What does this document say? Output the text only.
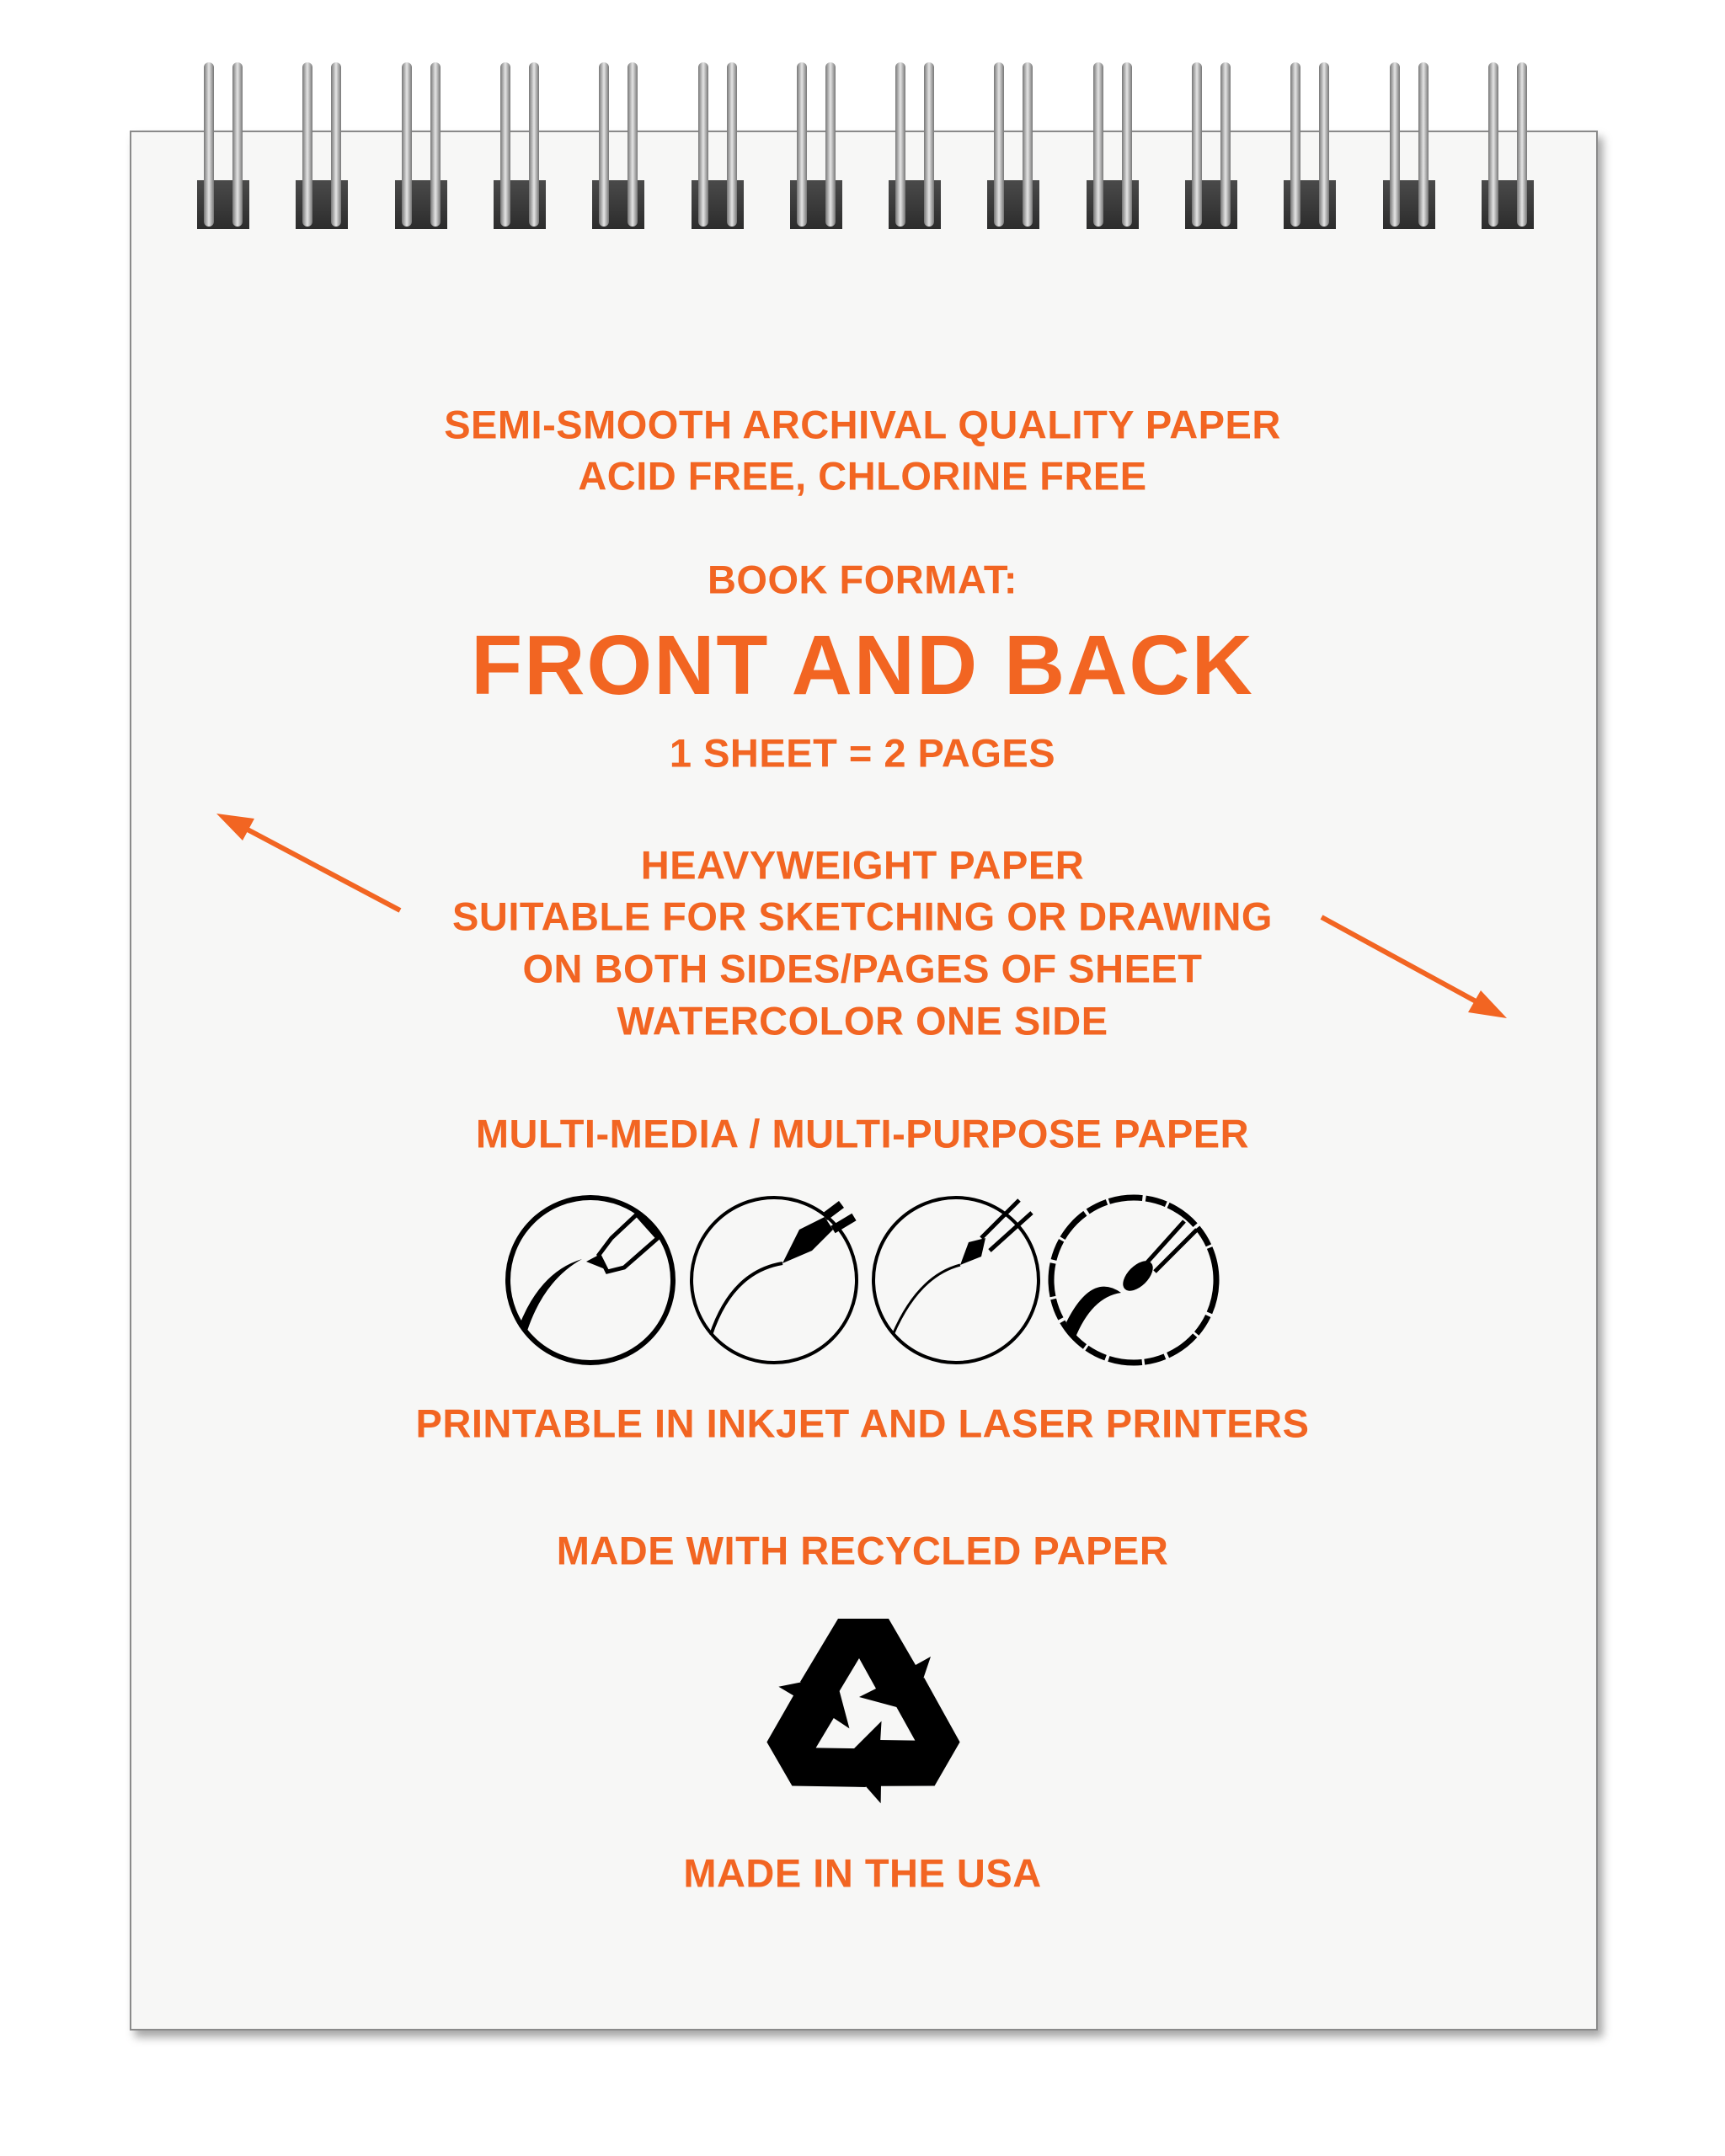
SEMI-SMOOTH ARCHIVAL QUALITY PAPER
ACID FREE, CHLORINE FREE
BOOK FORMAT:
FRONT AND BACK
1 SHEET = 2 PAGES
HEAVYWEIGHT PAPER
SUITABLE FOR SKETCHING OR DRAWING
ON BOTH SIDES/PAGES OF SHEET
WATERCOLOR ONE SIDE
MULTI-MEDIA / MULTI-PURPOSE PAPER
PRINTABLE IN INKJET AND LASER PRINTERS
MADE WITH RECYCLED PAPER
MADE IN THE USA
